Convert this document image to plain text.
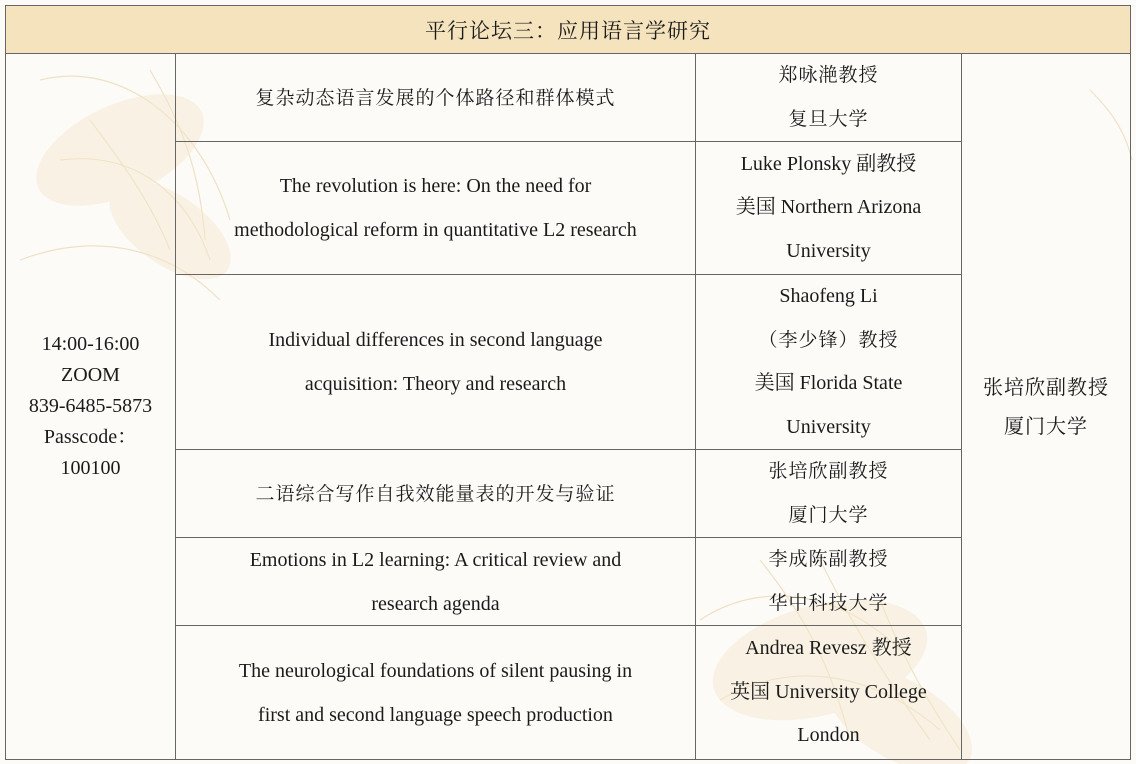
平行论坛三：应用语言学研究
14:00-16:00
ZOOM
839-6485-5873
Passcode：
100100
复杂动态语言发展的个体路径和群体模式
郑咏滟教授
复旦大学
The revolution is here: On the need for
methodological reform in quantitative L2 research
Luke Plonsky 副教授
美国 Northern Arizona
University
Individual differences in second language
acquisition: Theory and research
Shaofeng Li
（李少锋）教授
美国 Florida State
University
二语综合写作自我效能量表的开发与验证
张培欣副教授
厦门大学
Emotions in L2 learning: A critical review and
research agenda
李成陈副教授
华中科技大学
The neurological foundations of silent pausing in
first and second language speech production
Andrea Revesz 教授
英国 University College
London
张培欣副教授
厦门大学
